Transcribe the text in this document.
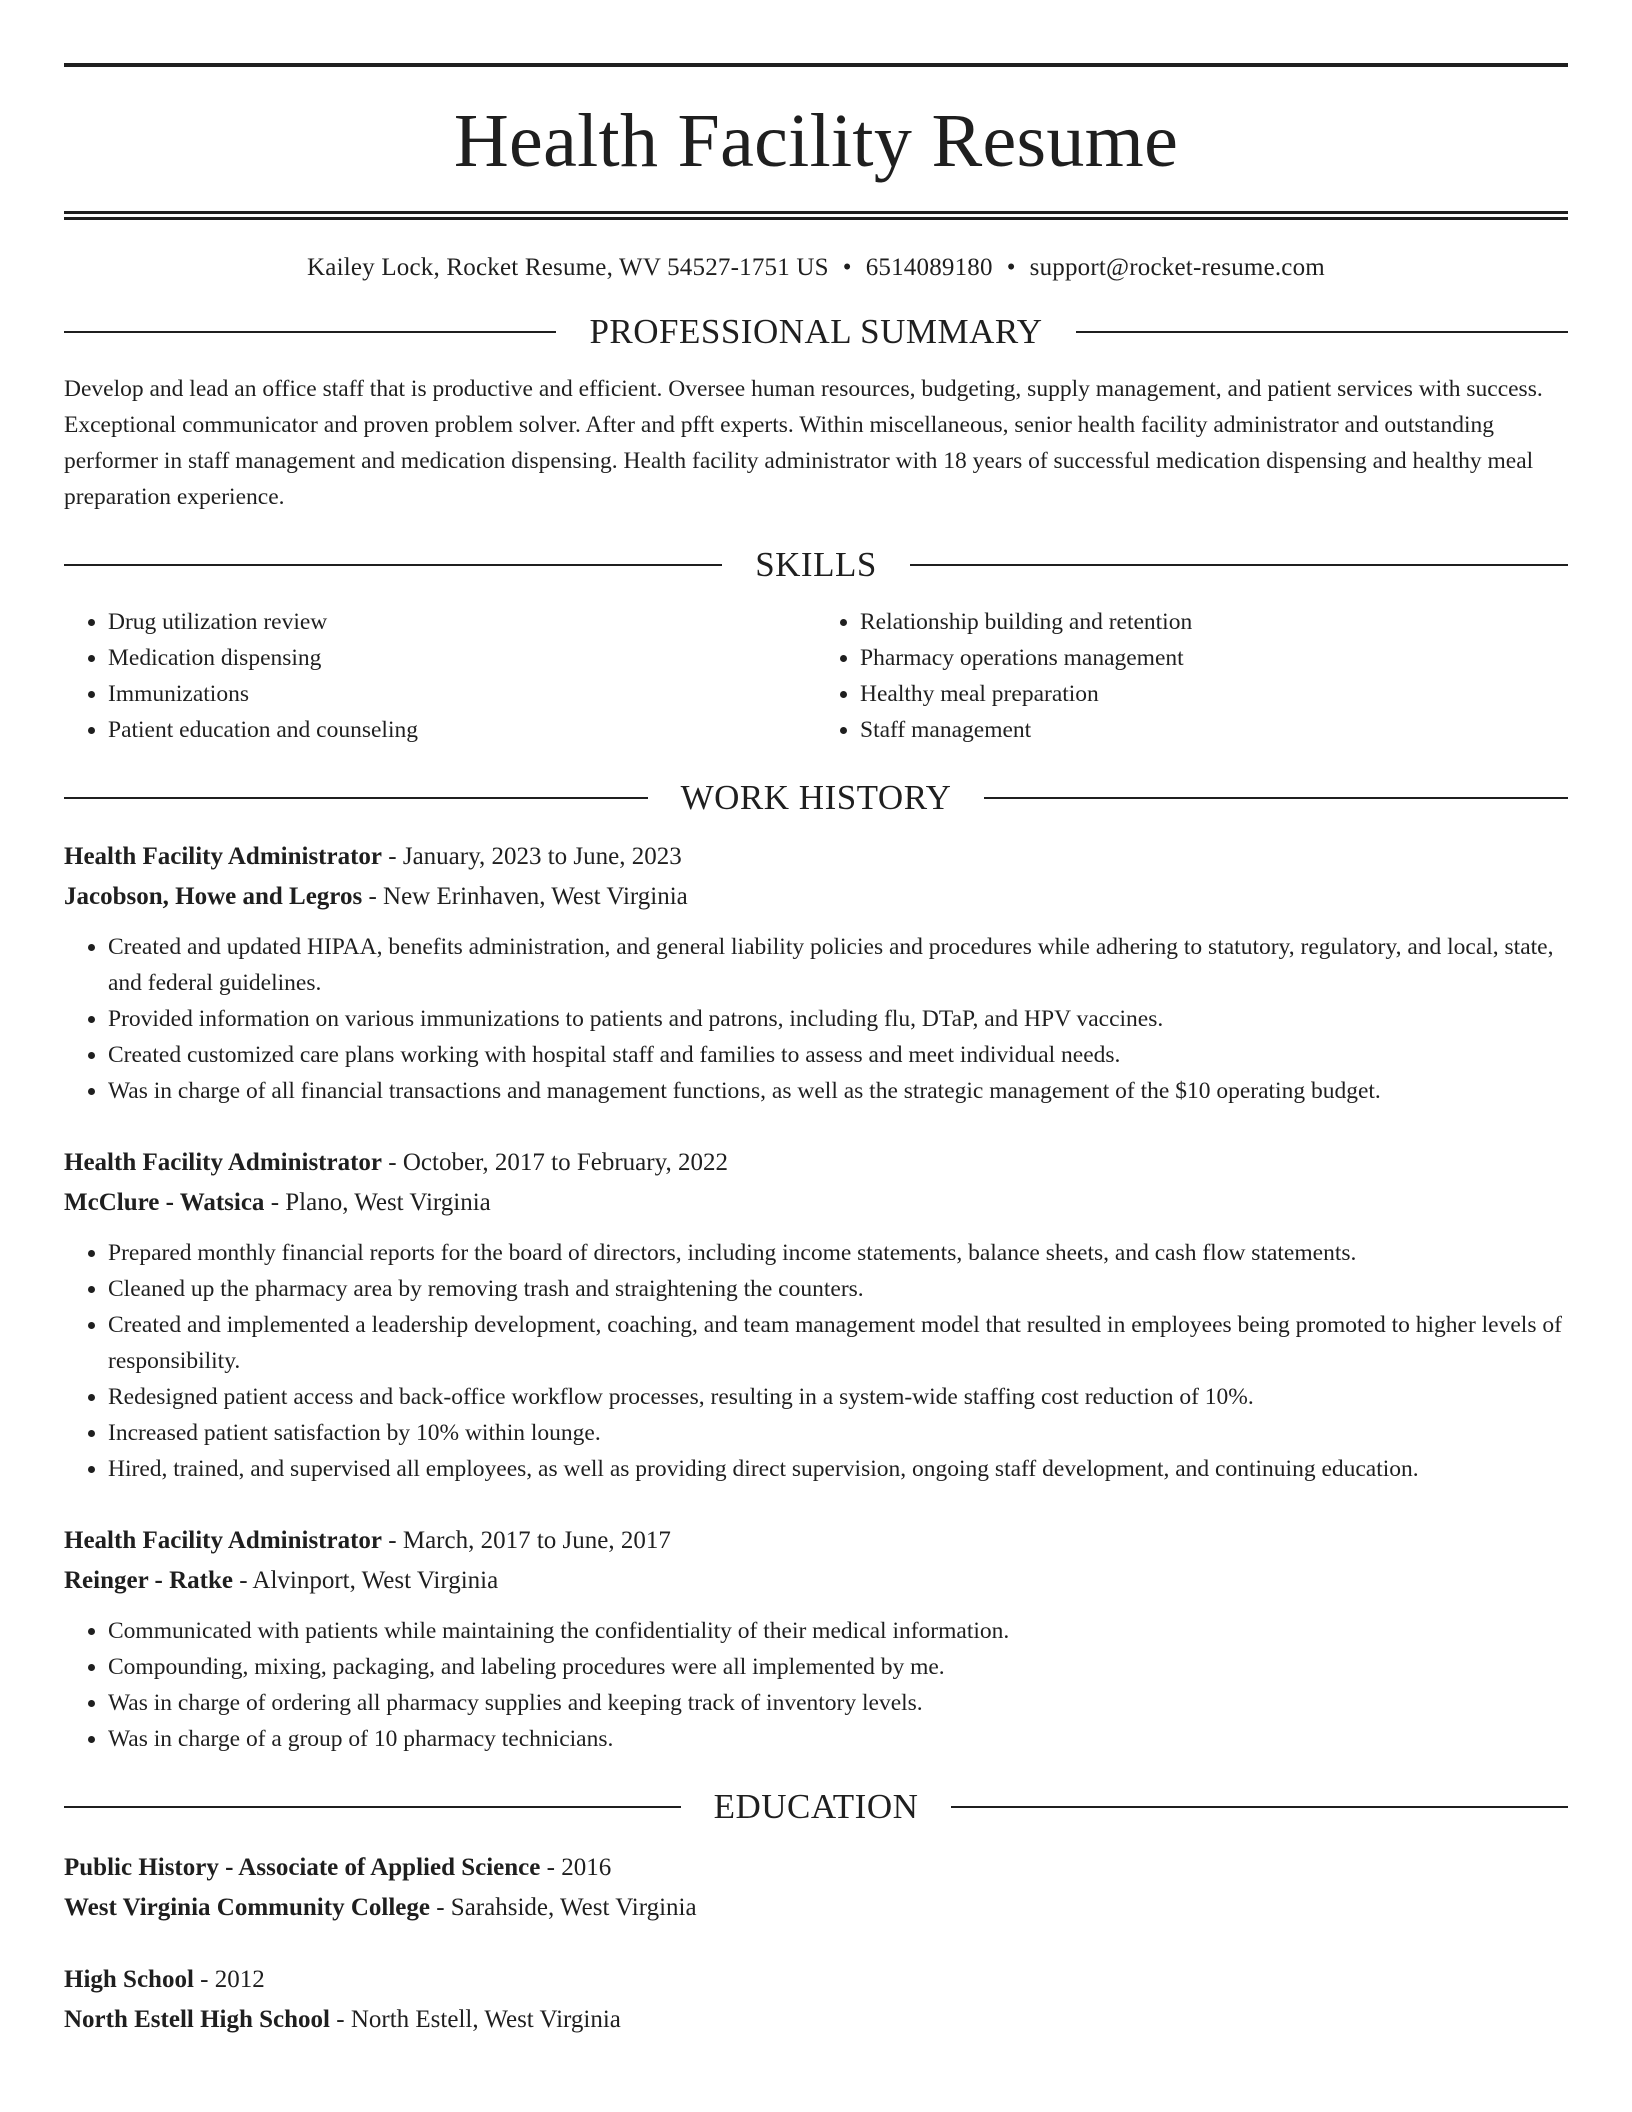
Health Facility Resume
Kailey Lock, Rocket Resume, WV 54527-1751 US • 6514089180 • support@rocket-resume.com
PROFESSIONAL SUMMARY
Develop and lead an office staff that is productive and efficient. Oversee human resources, budgeting, supply management, and patient services with success. Exceptional communicator and proven problem solver. After and pfft experts. Within miscellaneous, senior health facility administrator and outstanding performer in staff management and medication dispensing. Health facility administrator with 18 years of successful medication dispensing and healthy meal preparation experience.
SKILLS
• Drug utilization review
• Medication dispensing
• Immunizations
• Patient education and counseling
• Relationship building and retention
• Pharmacy operations management
• Healthy meal preparation
• Staff management
WORK HISTORY
Health Facility Administrator - January, 2023 to June, 2023
Jacobson, Howe and Legros - New Erinhaven, West Virginia
• Created and updated HIPAA, benefits administration, and general liability policies and procedures while adhering to statutory, regulatory, and local, state, and federal guidelines.
• Provided information on various immunizations to patients and patrons, including flu, DTaP, and HPV vaccines.
• Created customized care plans working with hospital staff and families to assess and meet individual needs.
• Was in charge of all financial transactions and management functions, as well as the strategic management of the $10 operating budget.
Health Facility Administrator - October, 2017 to February, 2022
McClure - Watsica - Plano, West Virginia
• Prepared monthly financial reports for the board of directors, including income statements, balance sheets, and cash flow statements.
• Cleaned up the pharmacy area by removing trash and straightening the counters.
• Created and implemented a leadership development, coaching, and team management model that resulted in employees being promoted to higher levels of responsibility.
• Redesigned patient access and back-office workflow processes, resulting in a system-wide staffing cost reduction of 10%.
• Increased patient satisfaction by 10% within lounge.
• Hired, trained, and supervised all employees, as well as providing direct supervision, ongoing staff development, and continuing education.
Health Facility Administrator - March, 2017 to June, 2017
Reinger - Ratke - Alvinport, West Virginia
• Communicated with patients while maintaining the confidentiality of their medical information.
• Compounding, mixing, packaging, and labeling procedures were all implemented by me.
• Was in charge of ordering all pharmacy supplies and keeping track of inventory levels.
• Was in charge of a group of 10 pharmacy technicians.
EDUCATION
Public History - Associate of Applied Science - 2016
West Virginia Community College - Sarahside, West Virginia
High School - 2012
North Estell High School - North Estell, West Virginia
